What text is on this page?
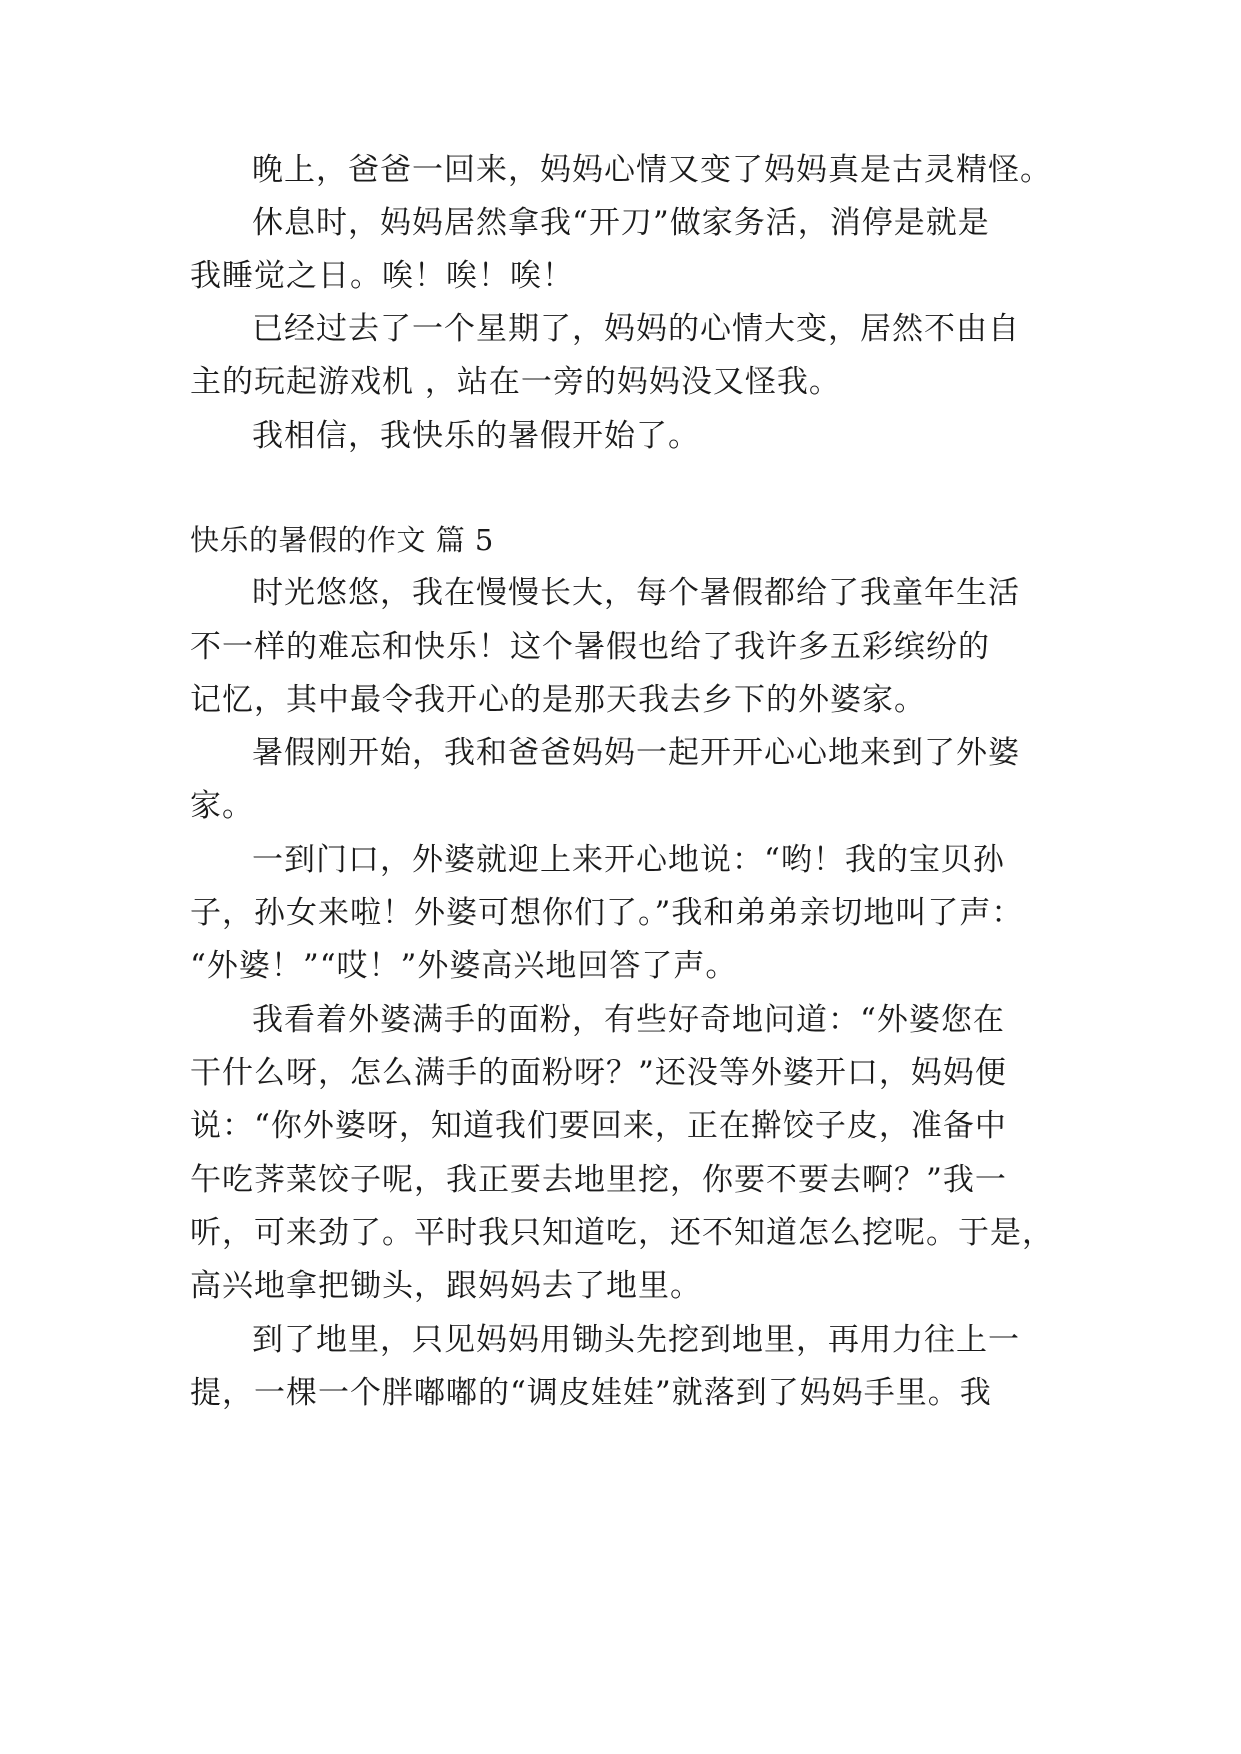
晚上，爸爸一回来，妈妈心情又变了妈妈真是古灵精怪。
休息时，妈妈居然拿我“开刀”做家务活，消停是就是
我睡觉之日。唉！唉！唉！
已经过去了一个星期了，妈妈的心情大变，居然不由自
主的玩起游戏机 ，站在一旁的妈妈没又怪我。
我相信，我快乐的暑假开始了。
快乐的暑假的作文 篇 5
时光悠悠，我在慢慢长大，每个暑假都给了我童年生活
不一样的难忘和快乐！这个暑假也给了我许多五彩缤纷的
记忆，其中最令我开心的是那天我去乡下的外婆家。
暑假刚开始，我和爸爸妈妈一起开开心心地来到了外婆
家。
一到门口，外婆就迎上来开心地说：“哟！我的宝贝孙
子，孙女来啦！外婆可想你们了。”我和弟弟亲切地叫了声：
“外婆！”“哎！”外婆高兴地回答了声。
我看着外婆满手的面粉，有些好奇地问道：“外婆您在
干什么呀，怎么满手的面粉呀？”还没等外婆开口，妈妈便
说：“你外婆呀，知道我们要回来，正在擀饺子皮，准备中
午吃荠菜饺子呢，我正要去地里挖，你要不要去啊？”我一
听，可来劲了。平时我只知道吃，还不知道怎么挖呢。于是，
高兴地拿把锄头，跟妈妈去了地里。
到了地里，只见妈妈用锄头先挖到地里，再用力往上一
提，一棵一个胖嘟嘟的“调皮娃娃”就落到了妈妈手里。我
